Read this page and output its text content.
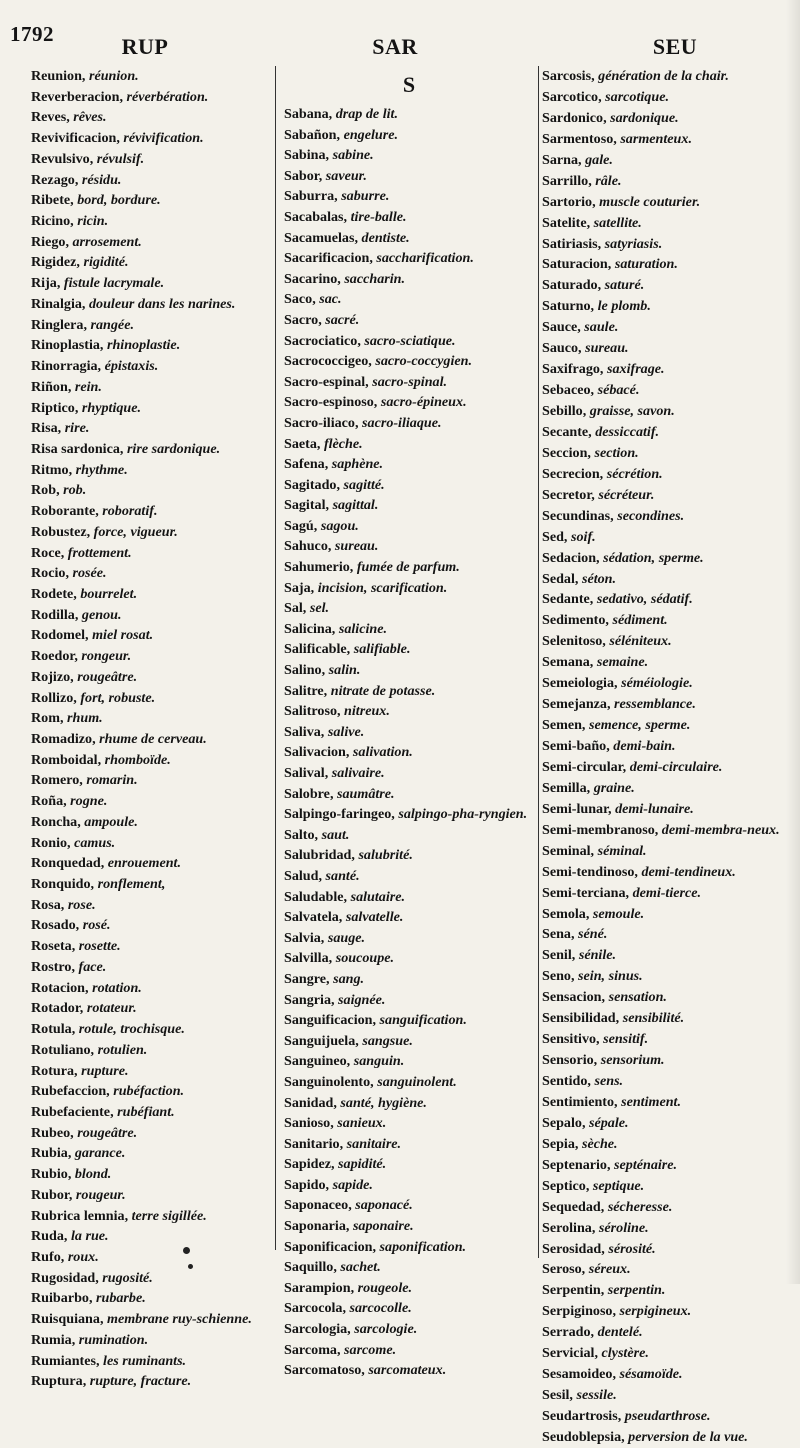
1792	RUP	SAR	SEU
Reunion, réunion.
Reverberacion, réverbération.
Reves, rêves.
Revivificacion, révivification.
Revulsivo, révulsif.
Rezago, résidu.
Ribete, bord, bordure.
Ricino, ricin.
Riego, arrosement.
Rigidez, rigidité.
Rija, fistule lacrymale.
Rinalgia, douleur dans les narines.
Ringlera, rangée.
Rinoplastia, rhinoplastie.
Rinorragia, épistaxis.
Riñon, rein.
Riptico, rhyptique.
Risa, rire.
Risa sardonica, rire sardonique.
Ritmo, rhythme.
Rob, rob.
Roborante, roboratif.
Robustez, force, vigueur.
Roce, frottement.
Rocio, rosée.
Rodete, bourrelet.
Rodilla, genou.
Rodomel, miel rosat.
Roedor, rongeur.
Rojizo, rougeâtre.
Rollizo, fort, robuste.
Rom, rhum.
Romadizo, rhume de cerveau.
Romboidal, rhomboïde.
Romero, romarin.
Roña, rogne.
Roncha, ampoule.
Ronio, camus.
Ronquedad, enrouement.
Ronquido, ronflement,
Rosa, rose.
Rosado, rosé.
Roseta, rosette.
Rostro, face.
Rotacion, rotation.
Rotador, rotateur.
Rotula, rotule, trochisque.
Rotuliano, rotulien.
Rotura, rupture.
Rubefaccion, rubéfaction.
Rubefaciente, rubéfiant.
Rubeo, rougeâtre.
Rubia, garance.
Rubio, blond.
Rubor, rougeur.
Rubrica lemnia, terre sigillée.
Ruda, la rue.
Rufo, roux.
Rugosidad, rugosité.
Ruibarbo, rubarbe.
Ruisquiana, membrane ruy-schienne.
Rumia, rumination.
Rumiantes, les ruminants.
Ruptura, rupture, fracture.
S
Sabana, drap de lit.
Sabañon, engelure.
Sabina, sabine.
Sabor, saveur.
Saburra, saburre.
Sacabalas, tire-balle.
Sacamuelas, dentiste.
Sacarificacion, saccharification.
Sacarino, saccharin.
Saco, sac.
Sacro, sacré.
Sacrociatico, sacro-sciatique.
Sacrococcigeo, sacro-coccygien.
Sacro-espinal, sacro-spinal.
Sacro-espinoso, sacro-épineux.
Sacro-iliaco, sacro-iliaque.
Saeta, flèche.
Safena, saphène.
Sagitado, sagitté.
Sagital, sagittal.
Sagú, sagou.
Sahuco, sureau.
Sahumerio, fumée de parfum.
Saja, incision, scarification.
Sal, sel.
Salicina, salicine.
Salificable, salifiable.
Salino, salin.
Salitre, nitrate de potasse.
Salitroso, nitreux.
Saliva, salive.
Salivacion, salivation.
Salival, salivaire.
Salobre, saumâtre.
Salpingo-faringeo, salpingo-pha-ryngien.
Salto, saut.
Salubridad, salubrité.
Salud, santé.
Saludable, salutaire.
Salvatela, salvatelle.
Salvia, sauge.
Salvilla, soucoupe.
Sangre, sang.
Sangria, saignée.
Sanguificacion, sanguification.
Sanguijuela, sangsue.
Sanguineo, sanguin.
Sanguinolento, sanguinolent.
Sanidad, santé, hygiène.
Sanioso, sanieux.
Sanitario, sanitaire.
Sapidez, sapidité.
Sapido, sapide.
Saponaceo, saponacé.
Saponaria, saponaire.
Saponificacion, saponification.
Saquillo, sachet.
Sarampion, rougeole.
Sarcocola, sarcocolle.
Sarcologia, sarcologie.
Sarcoma, sarcome.
Sarcomatoso, sarcomateux.
Sarcosis, génération de la chair.
Sarcotico, sarcotique.
Sardonico, sardonique.
Sarmentoso, sarmenteux.
Sarna, gale.
Sarrillo, râle.
Sartorio, muscle couturier.
Satelite, satellite.
Satiriasis, satyriasis.
Saturacion, saturation.
Saturado, saturé.
Saturno, le plomb.
Sauce, saule.
Sauco, sureau.
Saxifrago, saxifrage.
Sebaceo, sébacé.
Sebillo, graisse, savon.
Secante, dessiccatif.
Seccion, section.
Secrecion, sécrétion.
Secretor, sécréteur.
Secundinas, secondines.
Sed, soif.
Sedacion, sédation, sperme.
Sedal, séton.
Sedante, sedativo, sédatif.
Sedimento, sédiment.
Selenitoso, séléniteux.
Semana, semaine.
Semeiologia, séméiologie.
Semejanza, ressemblance.
Semen, semence, sperme.
Semi-baño, demi-bain.
Semi-circular, demi-circulaire.
Semilla, graine.
Semi-lunar, demi-lunaire.
Semi-membranoso, demi-membra-neux.
Seminal, séminal.
Semi-tendinoso, demi-tendineux.
Semi-terciana, demi-tierce.
Semola, semoule.
Sena, séné.
Senil, sénile.
Seno, sein, sinus.
Sensacion, sensation.
Sensibilidad, sensibilité.
Sensitivo, sensitif.
Sensorio, sensorium.
Sentido, sens.
Sentimiento, sentiment.
Sepalo, sépale.
Sepia, sèche.
Septenario, septénaire.
Septico, septique.
Sequedad, sécheresse.
Serolina, séroline.
Serosidad, sérosité.
Seroso, séreux.
Serpentin, serpentin.
Serpiginoso, serpigineux.
Serrado, dentelé.
Servicial, clystère.
Sesamoideo, sésamoïde.
Sesil, sessile.
Seudartrosis, pseudarthrose.
Seudoblepsia, perversion de la vue.
